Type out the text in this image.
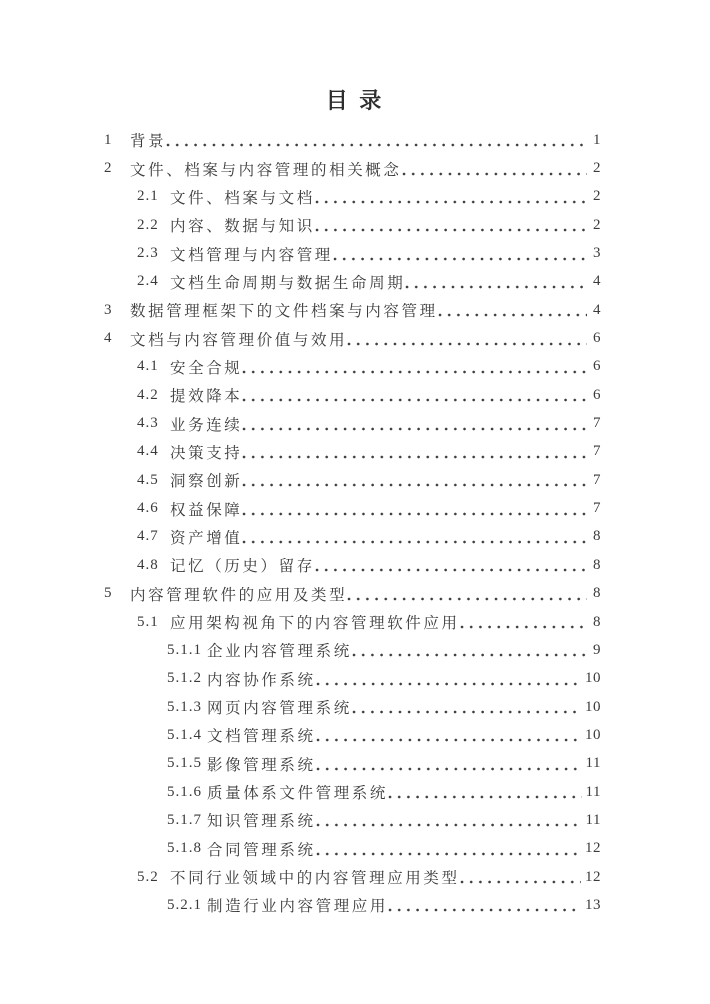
目 录
1	背景	1
2	文件、档案与内容管理的相关概念	2
2.1 文件、档案与文档	2
2.2 内容、数据与知识	2
2.3 文档管理与内容管理	3
2.4 文档生命周期与数据生命周期	4
3	数据管理框架下的文件档案与内容管理	4
4	文档与内容管理价值与效用	6
4.1 安全合规	6
4.2 提效降本	6
4.3 业务连续	7
4.4 决策支持	7
4.5 洞察创新	7
4.6 权益保障	7
4.7 资产增值	8
4.8 记忆（历史）留存	8
5	内容管理软件的应用及类型	8
5.1 应用架构视角下的内容管理软件应用	8
5.1.1 企业内容管理系统	9
5.1.2 内容协作系统	10
5.1.3 网页内容管理系统	10
5.1.4 文档管理系统	10
5.1.5 影像管理系统	11
5.1.6 质量体系文件管理系统	11
5.1.7 知识管理系统	11
5.1.8 合同管理系统	12
5.2 不同行业领域中的内容管理应用类型	12
5.2.1 制造行业内容管理应用	13
